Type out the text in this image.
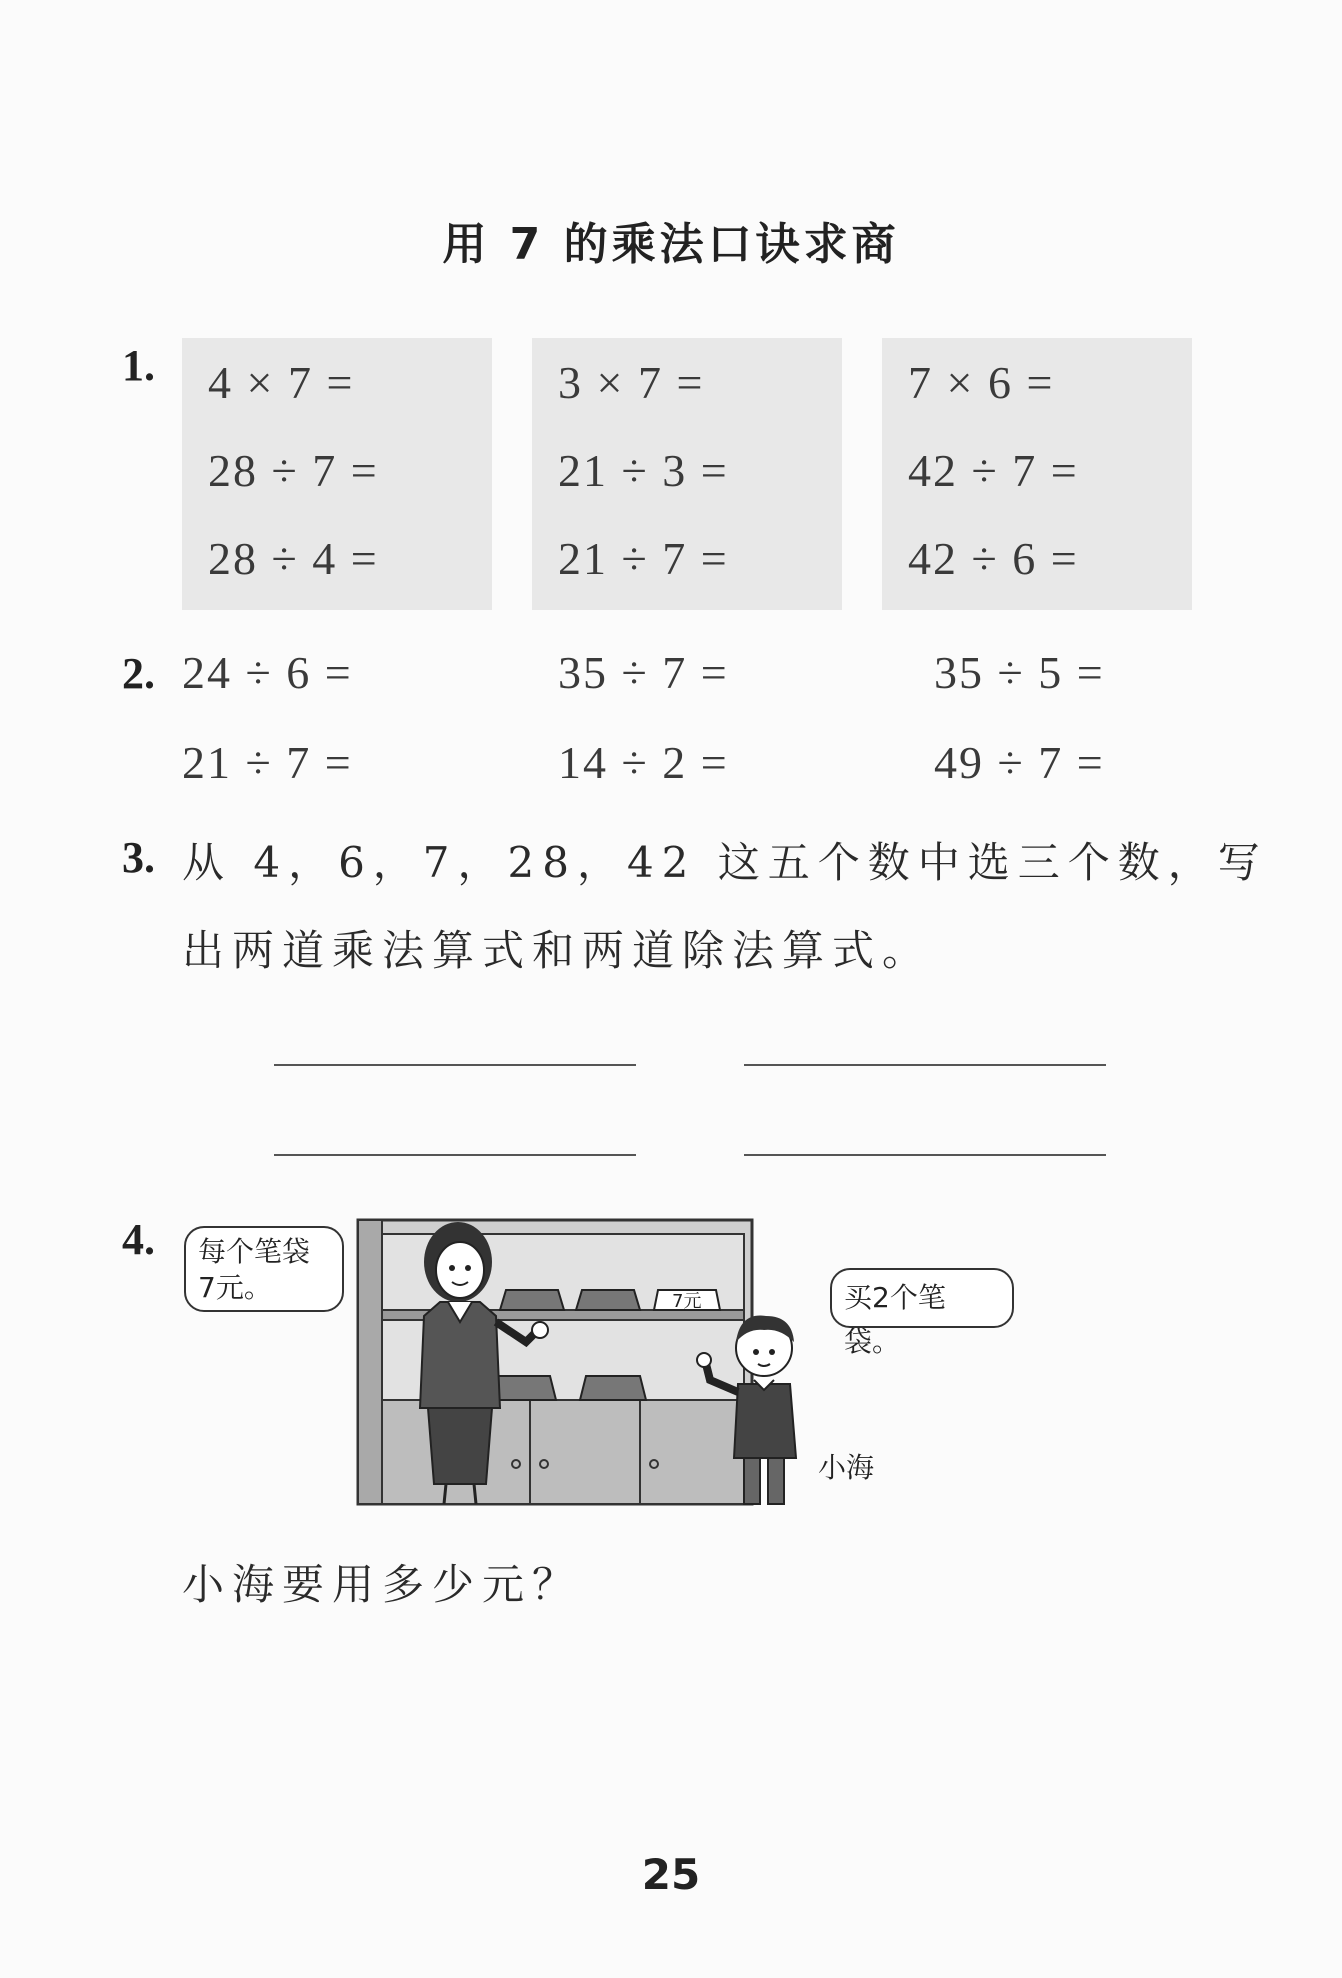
用 7 的乘法口诀求商
1. 4 × 7 =
28 ÷ 7 =
28 ÷ 4 =
3 × 7 =
21 ÷ 3 =
21 ÷ 7 =
7 × 6 =
42 ÷ 7 =
42 ÷ 6 =
2. 24 ÷ 6 =	35 ÷ 7 =	35 ÷ 5 =
21 ÷ 7 =	14 ÷ 2 =	49 ÷ 7 =
3. 从 4，6，7，28，42 这五个数中选三个数，写
出两道乘法算式和两道除法算式。
4.
7元
每个笔袋
7元。	买2个笔袋。
小海
小海要用多少元？
25
